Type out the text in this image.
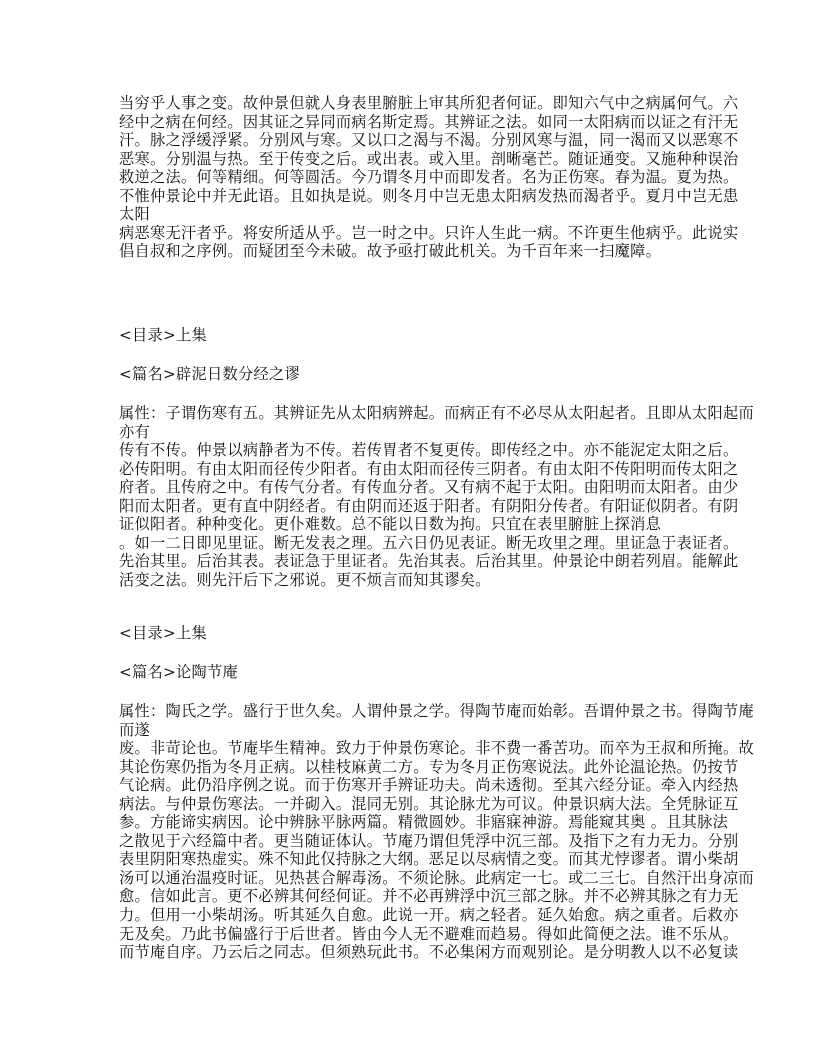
当穷乎人事之变。故仲景但就人身表里腑脏上审其所犯者何证。即知六气中之病属何气。六
经中之病在何经。因其证之异同而病名斯定焉。其辨证之法。如同一太阳病而以证之有汗无
汗。脉之浮缓浮紧。分别风与寒。又以口之渴与不渴。分别风寒与温，同一渴而又以恶寒不
恶寒。分别温与热。至于传变之后。或出表。或入里。剖晰毫芒。随证通变。又施种种误治
救逆之法。何等精细。何等圆活。今乃谓冬月中而即发者。名为正伤寒。春为温。夏为热。
不惟仲景论中并无此语。且如执是说。则冬月中岂无患太阳病发热而渴者乎。夏月中岂无患
太阳
病恶寒无汗者乎。将安所适从乎。岂一时之中。只许人生此一病。不许更生他病乎。此说实
倡自叔和之序例。而疑团至今未破。故予亟打破此机关。为千百年来一扫魔障。
<目录>上集
<篇名>辟泥日数分经之谬
属性：子谓伤寒有五。其辨证先从太阳病辨起。而病正有不必尽从太阳起者。且即从太阳起而
亦有
传有不传。仲景以病静者为不传。若传胃者不复更传。即传经之中。亦不能泥定太阳之后。
必传阳明。有由太阳而径传少阳者。有由太阳而径传三阴者。有由太阳不传阳明而传太阳之
府者。且传府之中。有传气分者。有传血分者。又有病不起于太阳。由阳明而太阳者。由少
阳而太阳者。更有直中阴经者。有由阴而还返于阳者。有阴阳分传者。有阳证似阴者。有阴
证似阳者。种种变化。更仆难数。总不能以日数为拘。只宜在表里腑脏上探消息
。如一二日即见里证。断无发表之理。五六日仍见表证。断无攻里之理。里证急于表证者。
先治其里。后治其表。表证急于里证者。先治其表。后治其里。仲景论中朗若列眉。能解此
活变之法。则先汗后下之邪说。更不烦言而知其谬矣。
<目录>上集
<篇名>论陶节庵
属性：陶氏之学。盛行于世久矣。人谓仲景之学。得陶节庵而始彰。吾谓仲景之书。得陶节庵
而遂
废。非苛论也。节庵毕生精神。致力于仲景伤寒论。非不费一番苦功。而卒为王叔和所掩。故
其论伤寒仍指为冬月正病。以桂枝麻黄二方。专为冬月正伤寒说法。此外论温论热。仍按节
气论病。此仍沿序例之说。而于伤寒开手辨证功夫。尚未透彻。至其六经分证。牵入内经热
病法。与仲景伤寒法。一并砌入。混同无别。其论脉尤为可议。仲景识病大法。全凭脉证互
参。方能谛实病因。论中辨脉平脉两篇。精微圆妙。非寤寐神游。焉能窥其奥 。且其脉法
之散见于六经篇中者。更当随证体认。节庵乃谓但凭浮中沉三部。及指下之有力无力。分别
表里阴阳寒热虚实。殊不知此仅持脉之大纲。恶足以尽病情之变。而其尤悖谬者。谓小柴胡
汤可以通治温疫时证。见热甚合解毒汤。不须论脉。此病定一七。或二三七。自然汗出身凉而
愈。信如此言。更不必辨其何经何证。并不必再辨浮中沉三部之脉。并不必辨其脉之有力无
力。但用一小柴胡汤。听其延久自愈。此说一开。病之轻者。延久始愈。病之重者。后救亦
无及矣。乃此书偏盛行于后世者。皆由今人无不避难而趋易。得如此简便之法。谁不乐从。
而节庵自序。乃云后之同志。但须熟玩此书。不必集闲方而观别论。是分明教人以不必复读
